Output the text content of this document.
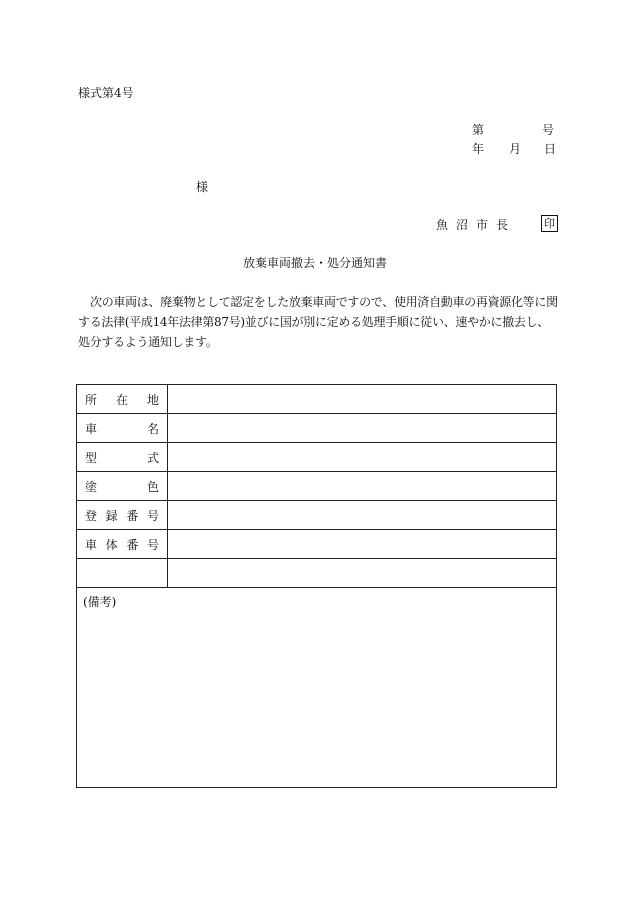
様式第4号
第	号
年 月 日
様
魚沼市長	印
放棄車両撤去・処分通知書

次の車両は、廃棄物として認定をした放棄車両ですので、使用済自動車の再資源化等に関する法律(平成14年法律第87号)並びに国が別に定める処理手順に従い、速やかに撤去し、処分するよう通知します。

所 在 地	

車 名	

型 式	

塗 色	

登 録 番 号	

車 体 番 号	

(備考)	
